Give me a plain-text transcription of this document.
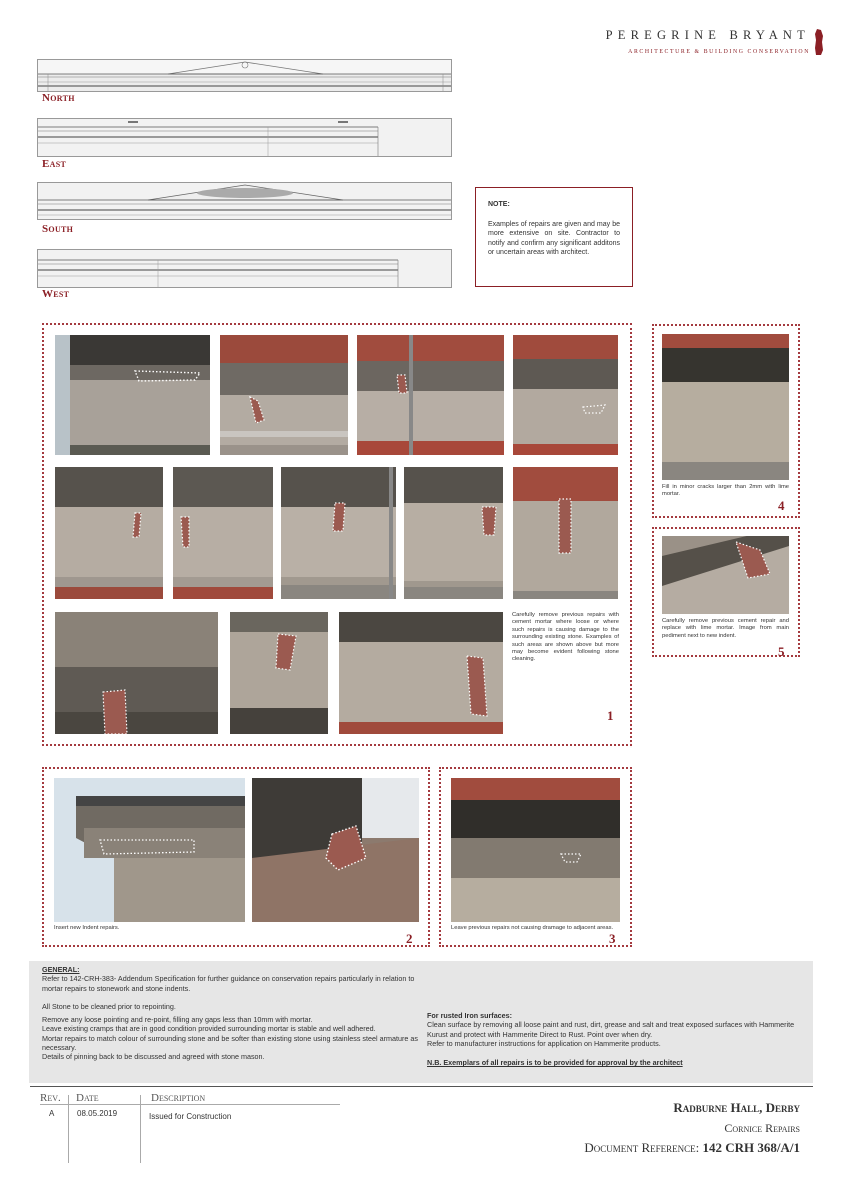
PEREGRINE BRYANT
ARCHITECTURE & BUILDING CONSERVATION
North
East
South
West
NOTE:
Examples of repairs are given and may be more extensive on site. Contractor to notify and confirm any significant additons or uncertain areas with architect.
Carefully remove previous repairs with cement mortar where loose or where such repairs is causing damage to the surrounding existing stone. Examples of such areas are shown above but more may become evident following stone cleaning.
1
Fill in minor cracks larger than 2mm with lime mortar.
4
Carefully remove previous cement repair and replace with lime mortar. Image from main pediment next to new indent.
5
Insert new Indent repairs.
2
Leave previous repairs not causing dramage to adjacent areas.
3
GENERAL:
Refer to 142-CRH-383- Addendum Specification for further guidance on conservation repairs particularly in relation to mortar repairs to stonework and stone indents.
All Stone to be cleaned prior to repointing.
Remove any loose pointing and re-point, filling any gaps less than 10mm with mortar.
Leave existing cramps that are in good condition provided surrounding mortar is stable and well adhered.
Mortar repairs to match colour of surrounding stone and be softer than existing stone using stainless steel armature as necessary.
Details of pinning back to be discussed and agreed with stone mason.
For rusted Iron surfaces:
Clean surface by removing all loose paint and rust, dirt, grease and salt and treat exposed surfaces with Hammerite Kurust and protect with Hammerite Direct to Rust. Point over when dry.
Refer to manufacturer instructions for application on Hammerite products.
N.B. Exemplars of all repairs is to be provided for approval by the architect
Rev. Date	Description
A	08.05.2019	Issued for Construction
Radburne Hall, Derby
Cornice Repairs
Document Reference: 142 CRH 368/A/1
